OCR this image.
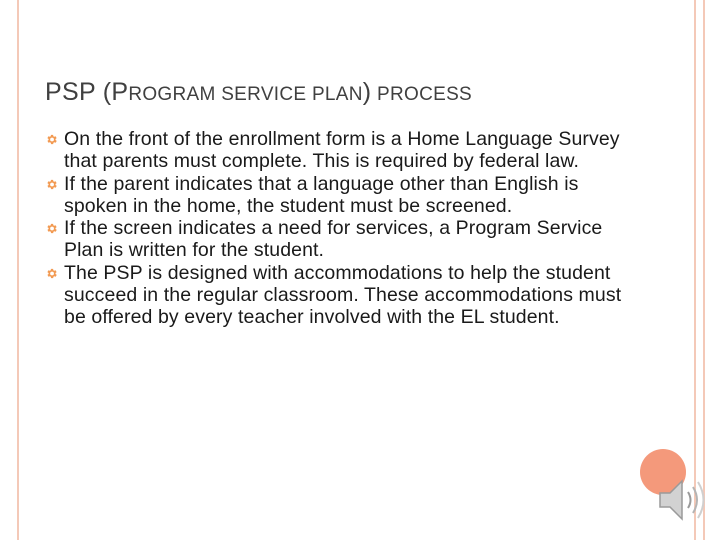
PSP (PROGRAM SERVICE PLAN) PROCESS
On the front of the enrollment form is a Home Language Survey that parents must complete. This is required by federal law.
If the parent indicates that a language other than English is spoken in the home, the student must be screened.
If the screen indicates a need for services, a Program Service Plan is written for the student.
The PSP is designed with accommodations to help the student succeed in the regular classroom. These accommodations must be offered by every teacher involved with the EL student.
